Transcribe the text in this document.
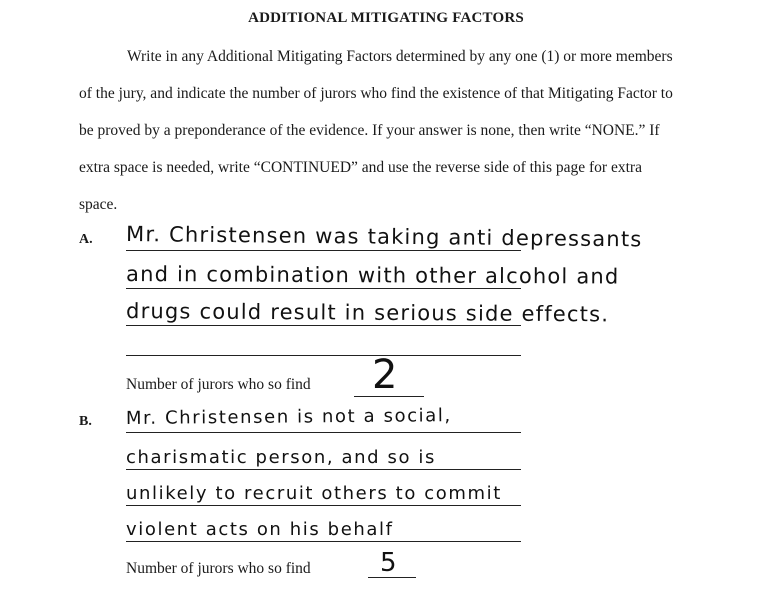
ADDITIONAL MITIGATING FACTORS
Write in any Additional Mitigating Factors determined by any one (1) or more members
of the jury, and indicate the number of jurors who find the existence of that Mitigating Factor to
be proved by a preponderance of the evidence. If your answer is none, then write “NONE.” If
extra space is needed, write “CONTINUED” and use the reverse side of this page for extra
space.
A. Mr. Christensen was taking anti depressants
and in combination with other alcohol and
drugs could result in serious side effects.
Number of jurors who so find 2
B. Mr. Christensen is not a social,
charismatic person, and so is
unlikely to recruit others to commit
violent acts on his behalf
Number of jurors who so find	5
